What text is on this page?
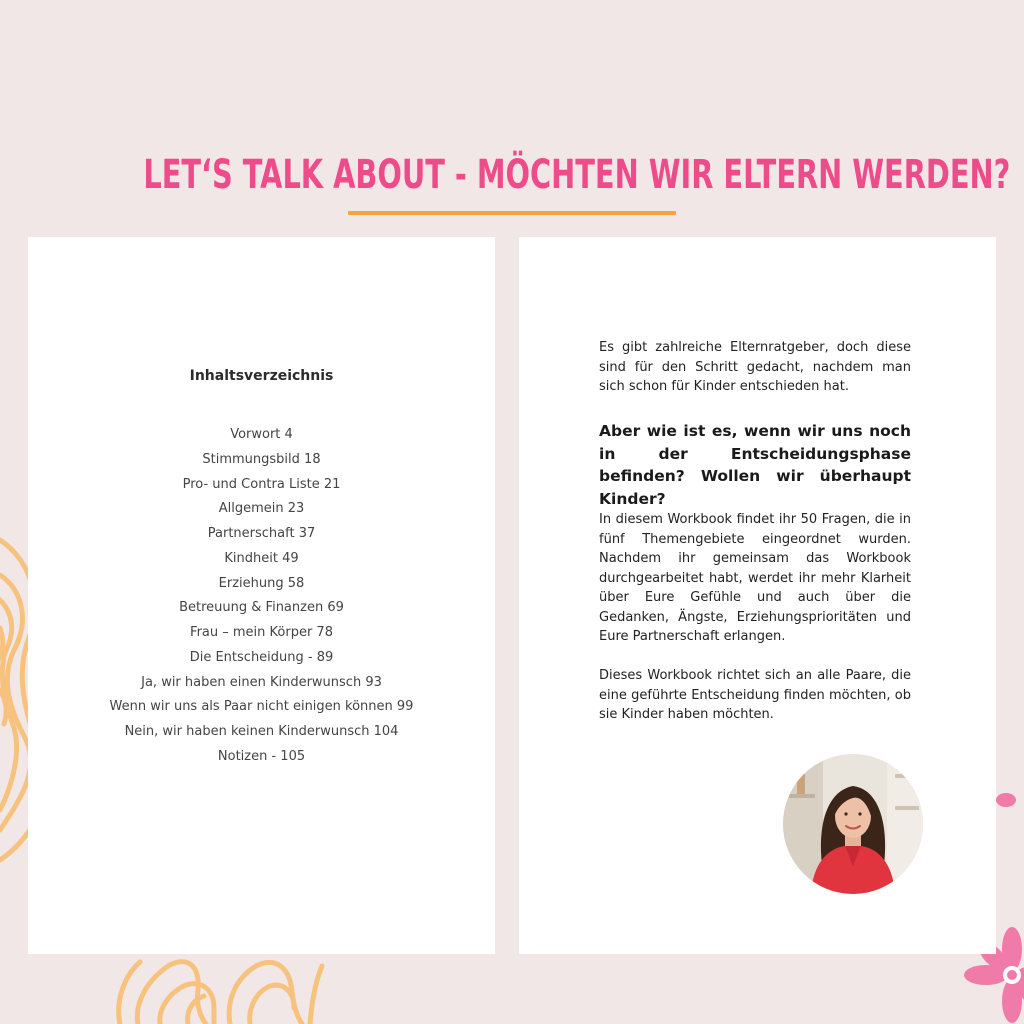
LET‘S TALK ABOUT - MÖCHTEN WIR ELTERN WERDEN?
Inhaltsverzeichnis
Vorwort 4
Stimmungsbild 18
Pro- und Contra Liste 21
Allgemein 23
Partnerschaft 37
Kindheit 49
Erziehung 58
Betreuung & Finanzen 69
Frau – mein Körper 78
Die Entscheidung - 89
Ja, wir haben einen Kinderwunsch 93
Wenn wir uns als Paar nicht einigen können 99
Nein, wir haben keinen Kinderwunsch 104
Notizen - 105

Es gibt zahlreiche Elternratgeber, doch diese sind für den Schritt gedacht, nachdem man sich schon für Kinder entschieden hat.

Aber wie ist es, wenn wir uns noch in der Entscheidungsphase befinden? Wollen wir überhaupt Kinder?

In diesem Workbook findet ihr 50 Fragen, die in fünf Themengebiete eingeordnet wurden. Nachdem ihr gemeinsam das Workbook durchgearbeitet habt, werdet ihr mehr Klarheit über Eure Gefühle und auch über die Gedanken, Ängste, Erziehungsprioritäten und Eure Partnerschaft erlangen.

Dieses Workbook richtet sich an alle Paare, die eine geführte Entscheidung finden möchten, ob sie Kinder haben möchten.
